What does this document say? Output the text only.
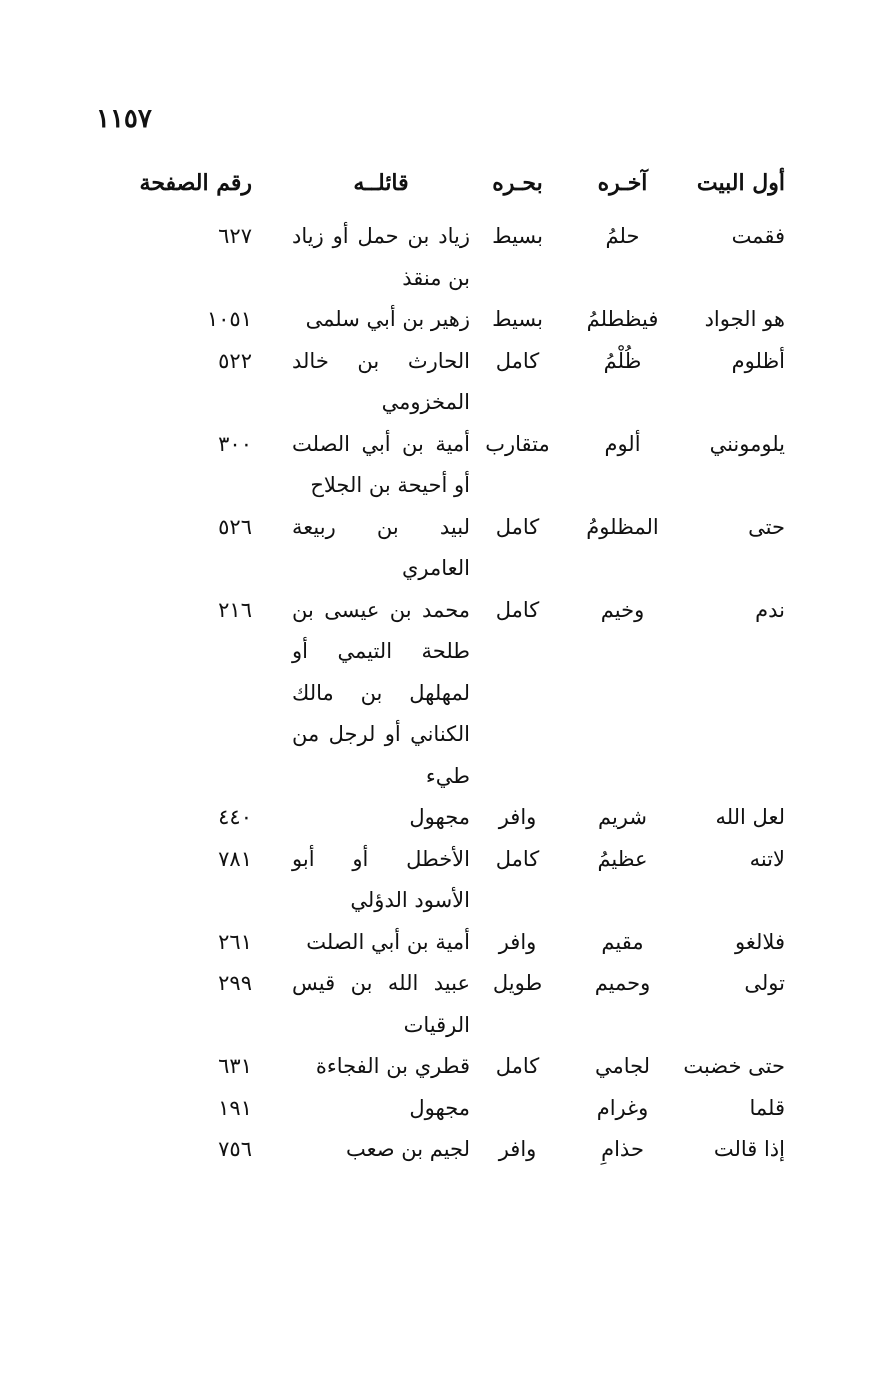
١١٥٧
أول البيت
آخـره
بحـره
قائلــه
رقم الصفحة
فقمت
حلمُ
بسيط
زياد بن حمل أو زياد بن منقذ
٦٢٧
هو الجواد
فيظطلمُ
بسيط
زهير بن أبي سلمى
١٠٥١
أظلوم
ظُلْمُ
كامل
الحارث بن خالد المخزومي
٥٢٢
يلومونني
ألوم
متقارب
أمية بن أبي الصلت أو أحيحة بن الجلاح
٣٠٠
حتى
المظلومُ
كامل
لبيد بن ربيعة العامري
٥٢٦
ندم
وخيم
كامل
محمد بن عيسى بن طلحة التيمي أو لمهلهل بن مالك الكناني أو لرجل من طيء
٢١٦
لعل الله
شريم
وافر
مجهول
٤٤٠
لاتنه
عظيمُ
كامل
الأخطل أو أبو الأسود الدؤلي
٧٨١
فلالغو
مقيم
وافر
أمية بن أبي الصلت
٢٦١
تولى
وحميم
طويل
عبيد الله بن قيس الرقيات
٢٩٩
حتى خضبت
لجامي
كامل
قطري بن الفجاءة
٦٣١
قلما
وغرام
مجهول
١٩١
إذا قالت
حذامِ
وافر
لجيم بن صعب
٧٥٦
